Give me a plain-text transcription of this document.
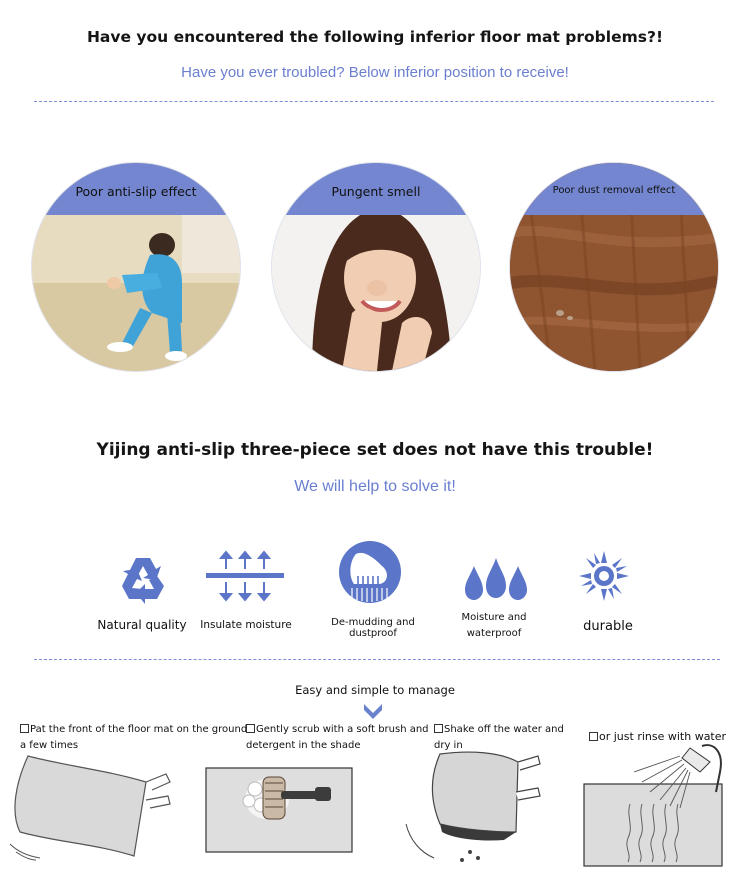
Have you encountered the following inferior floor mat problems?!
Have you ever troubled? Below inferior position to receive!
Poor anti-slip effect	Pungent smell	Poor dust removal effect
Yijing anti-slip three-piece set does not have this trouble!
We will help to solve it!
Natural quality	Insulate moisture	De-mudding and dustproof
Moisture and
waterproof	durable
Easy and simple to manage
Pat the front of the floor mat on the ground a few times
Gently scrub with a soft brush and detergent in the shade
Shake off the water and dry in
or just rinse with water
